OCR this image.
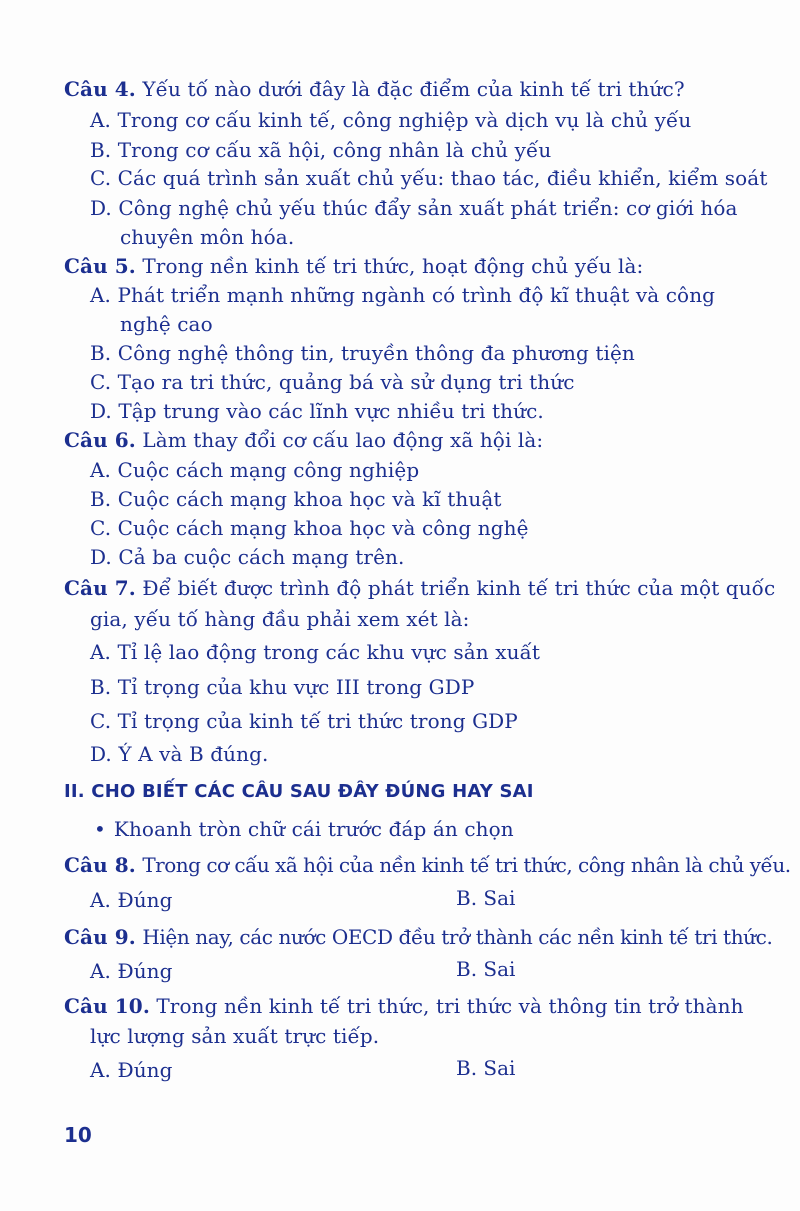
Câu 4. Yếu tố nào dưới đây là đặc điểm của kinh tế tri thức?
A. Trong cơ cấu kinh tế, công nghiệp và dịch vụ là chủ yếu
B. Trong cơ cấu xã hội, công nhân là chủ yếu
C. Các quá trình sản xuất chủ yếu: thao tác, điều khiển, kiểm soát
D. Công nghệ chủ yếu thúc đẩy sản xuất phát triển: cơ giới hóa
chuyên môn hóa.
Câu 5. Trong nền kinh tế tri thức, hoạt động chủ yếu là:
A. Phát triển mạnh những ngành có trình độ kĩ thuật và công
nghệ cao
B. Công nghệ thông tin, truyền thông đa phương tiện
C. Tạo ra tri thức, quảng bá và sử dụng tri thức
D. Tập trung vào các lĩnh vực nhiều tri thức.
Câu 6. Làm thay đổi cơ cấu lao động xã hội là:
A. Cuộc cách mạng công nghiệp
B. Cuộc cách mạng khoa học và kĩ thuật
C. Cuộc cách mạng khoa học và công nghệ
D. Cả ba cuộc cách mạng trên.
Câu 7. Để biết được trình độ phát triển kinh tế tri thức của một quốc
gia, yếu tố hàng đầu phải xem xét là:
A. Tỉ lệ lao động trong các khu vực sản xuất
B. Tỉ trọng của khu vực III trong GDP
C. Tỉ trọng của kinh tế tri thức trong GDP
D. Ý A và B đúng.
II. CHO BIẾT CÁC CÂU SAU ĐÂY ĐÚNG HAY SAI
• Khoanh tròn chữ cái trước đáp án chọn
Câu 8. Trong cơ cấu xã hội của nền kinh tế tri thức, công nhân là chủ yếu.
A. Đúng	B. Sai
Câu 9. Hiện nay, các nước OECD đều trở thành các nền kinh tế tri thức.
A. Đúng	B. Sai
Câu 10. Trong nền kinh tế tri thức, tri thức và thông tin trở thành
lực lượng sản xuất trực tiếp.
A. Đúng	B. Sai
10
